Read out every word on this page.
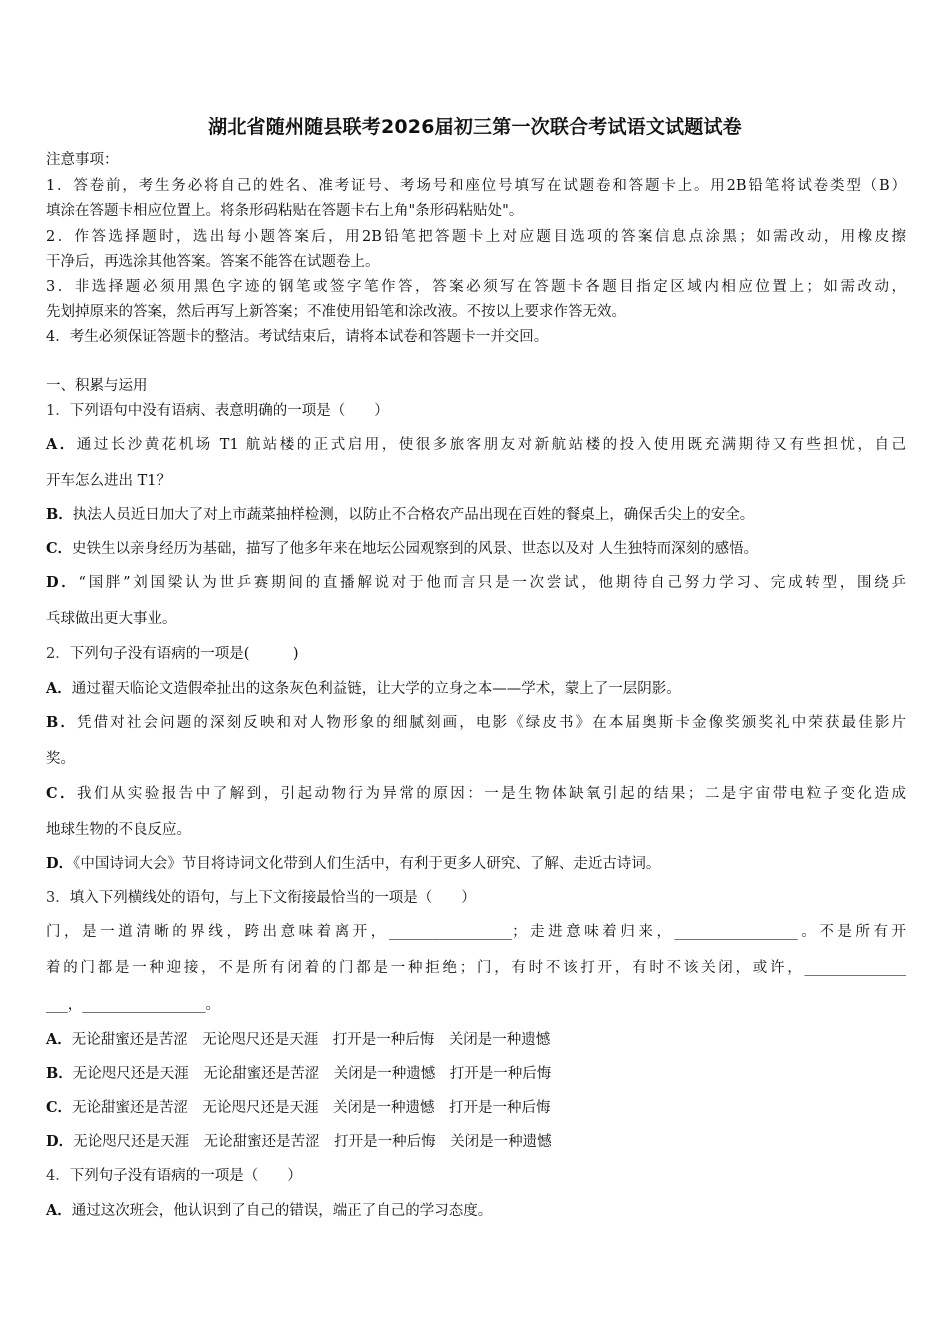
湖北省随州随县联考2026届初三第一次联合考试语文试题试卷
注意事项：
1．答卷前，考生务必将自己的姓名、准考证号、考场号和座位号填写在试题卷和答题卡上。用2B铅笔将试卷类型（B）
填涂在答题卡相应位置上。将条形码粘贴在答题卡右上角"条形码粘贴处"。
2．作答选择题时，选出每小题答案后，用2B铅笔把答题卡上对应题目选项的答案信息点涂黑；如需改动，用橡皮擦
干净后，再选涂其他答案。答案不能答在试题卷上。
3．非选择题必须用黑色字迹的钢笔或签字笔作答，答案必须写在答题卡各题目指定区域内相应位置上；如需改动，
先划掉原来的答案，然后再写上新答案；不准使用铅笔和涂改液。不按以上要求作答无效。
4．考生必须保证答题卡的整洁。考试结束后，请将本试卷和答题卡一并交回。
一、积累与运用
1．下列语句中没有语病、表意明确的一项是（　　）
A．通过长沙黄花机场 T1 航站楼的正式启用，使很多旅客朋友对新航站楼的投入使用既充满期待又有些担忧，自己
开车怎么进出 T1？
B．执法人员近日加大了对上市蔬菜抽样检测，以防止不合格农产品出现在百姓的餐桌上，确保舌尖上的安全。
C．史铁生以亲身经历为基础，描写了他多年来在地坛公园观察到的风景、世态以及对 人生独特而深刻的感悟。
D．“国胖”刘国梁认为世乒赛期间的直播解说对于他而言只是一次尝试，他期待自己努力学习、完成转型，围绕乒
乓球做出更大事业。
2．下列句子没有语病的一项是(　　　)
A．通过翟天临论文造假牵扯出的这条灰色利益链，让大学的立身之本——学术，蒙上了一层阴影。
B．凭借对社会问题的深刻反映和对人物形象的细腻刻画，电影《绿皮书》在本届奥斯卡金像奖颁奖礼中荣获最佳影片
奖。
C．我们从实验报告中了解到，引起动物行为异常的原因：一是生物体缺氧引起的结果；二是宇宙带电粒子变化造成
地球生物的不良反应。
D．《中国诗词大会》节目将诗词文化带到人们生活中，有利于更多人研究、了解、走近古诗词。
3．填入下列横线处的语句，与上下文衔接最恰当的一项是（　　）
门，是一道清晰的界线，跨出意味着离开，_________________；走进意味着归来，_________________。不是所有开
着的门都是一种迎接，不是所有闭着的门都是一种拒绝；门，有时不该打开，有时不该关闭，或许，______________
___，_________________。
A．无论甜蜜还是苦涩　无论咫尺还是天涯　打开是一种后悔　关闭是一种遗憾
B．无论咫尺还是天涯　无论甜蜜还是苦涩　关闭是一种遗憾　打开是一种后悔
C．无论甜蜜还是苦涩　无论咫尺还是天涯　关闭是一种遗憾　打开是一种后悔
D．无论咫尺还是天涯　无论甜蜜还是苦涩　打开是一种后悔　关闭是一种遗憾
4．下列句子没有语病的一项是（　　）
A．通过这次班会，他认识到了自己的错误，端正了自己的学习态度。
